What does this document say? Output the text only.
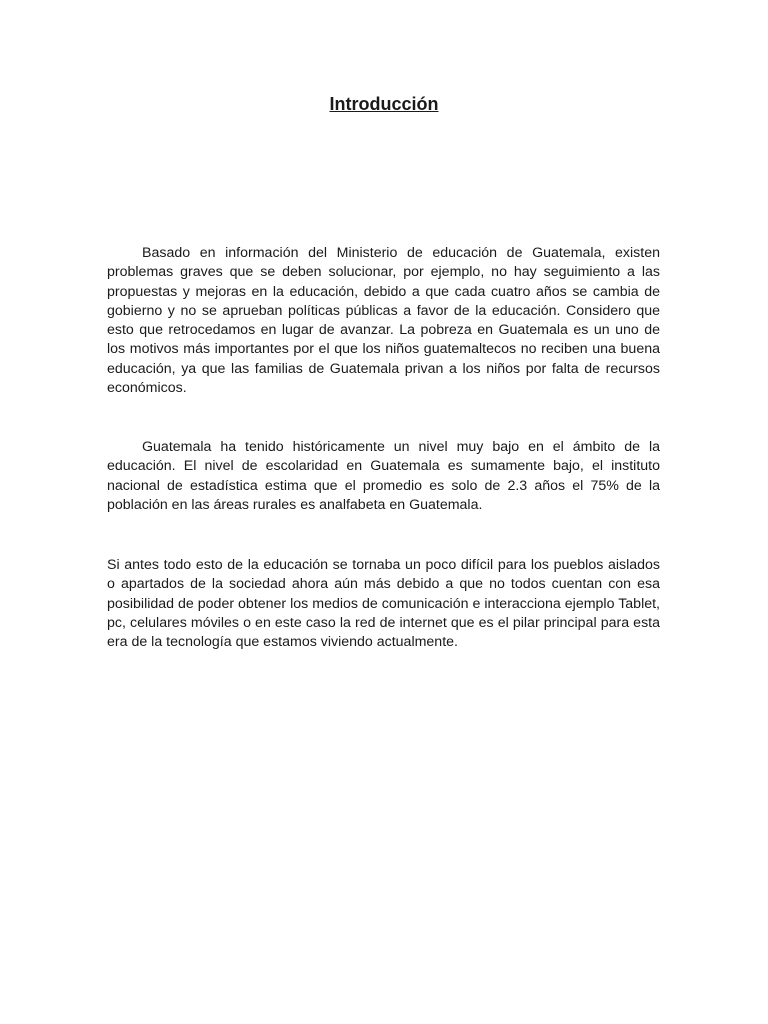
Introducción

Basado en información del Ministerio de educación de Guatemala, existen problemas graves que se deben solucionar, por ejemplo, no hay seguimiento a las propuestas y mejoras en la educación, debido a que cada cuatro años se cambia de gobierno y no se aprueban políticas públicas a favor de la educación. Considero que esto que retrocedamos en lugar de avanzar. La pobreza en Guatemala es un uno de los motivos más importantes por el que los niños guatemaltecos no reciben una buena educación, ya que las familias de Guatemala privan a los niños por falta de recursos económicos.

Guatemala ha tenido históricamente un nivel muy bajo en el ámbito de la educación. El nivel de escolaridad en Guatemala es sumamente bajo, el instituto nacional de estadística estima que el promedio es solo de 2.3 años el 75% de la población en las áreas rurales es analfabeta en Guatemala.

Si antes todo esto de la educación se tornaba un poco difícil para los pueblos aislados o apartados de la sociedad ahora aún más debido a que no todos cuentan con esa posibilidad de poder obtener los medios de comunicación e interacciona ejemplo Tablet, pc, celulares móviles o en este caso la red de internet que es el pilar principal para esta era de la tecnología que estamos viviendo actualmente.
